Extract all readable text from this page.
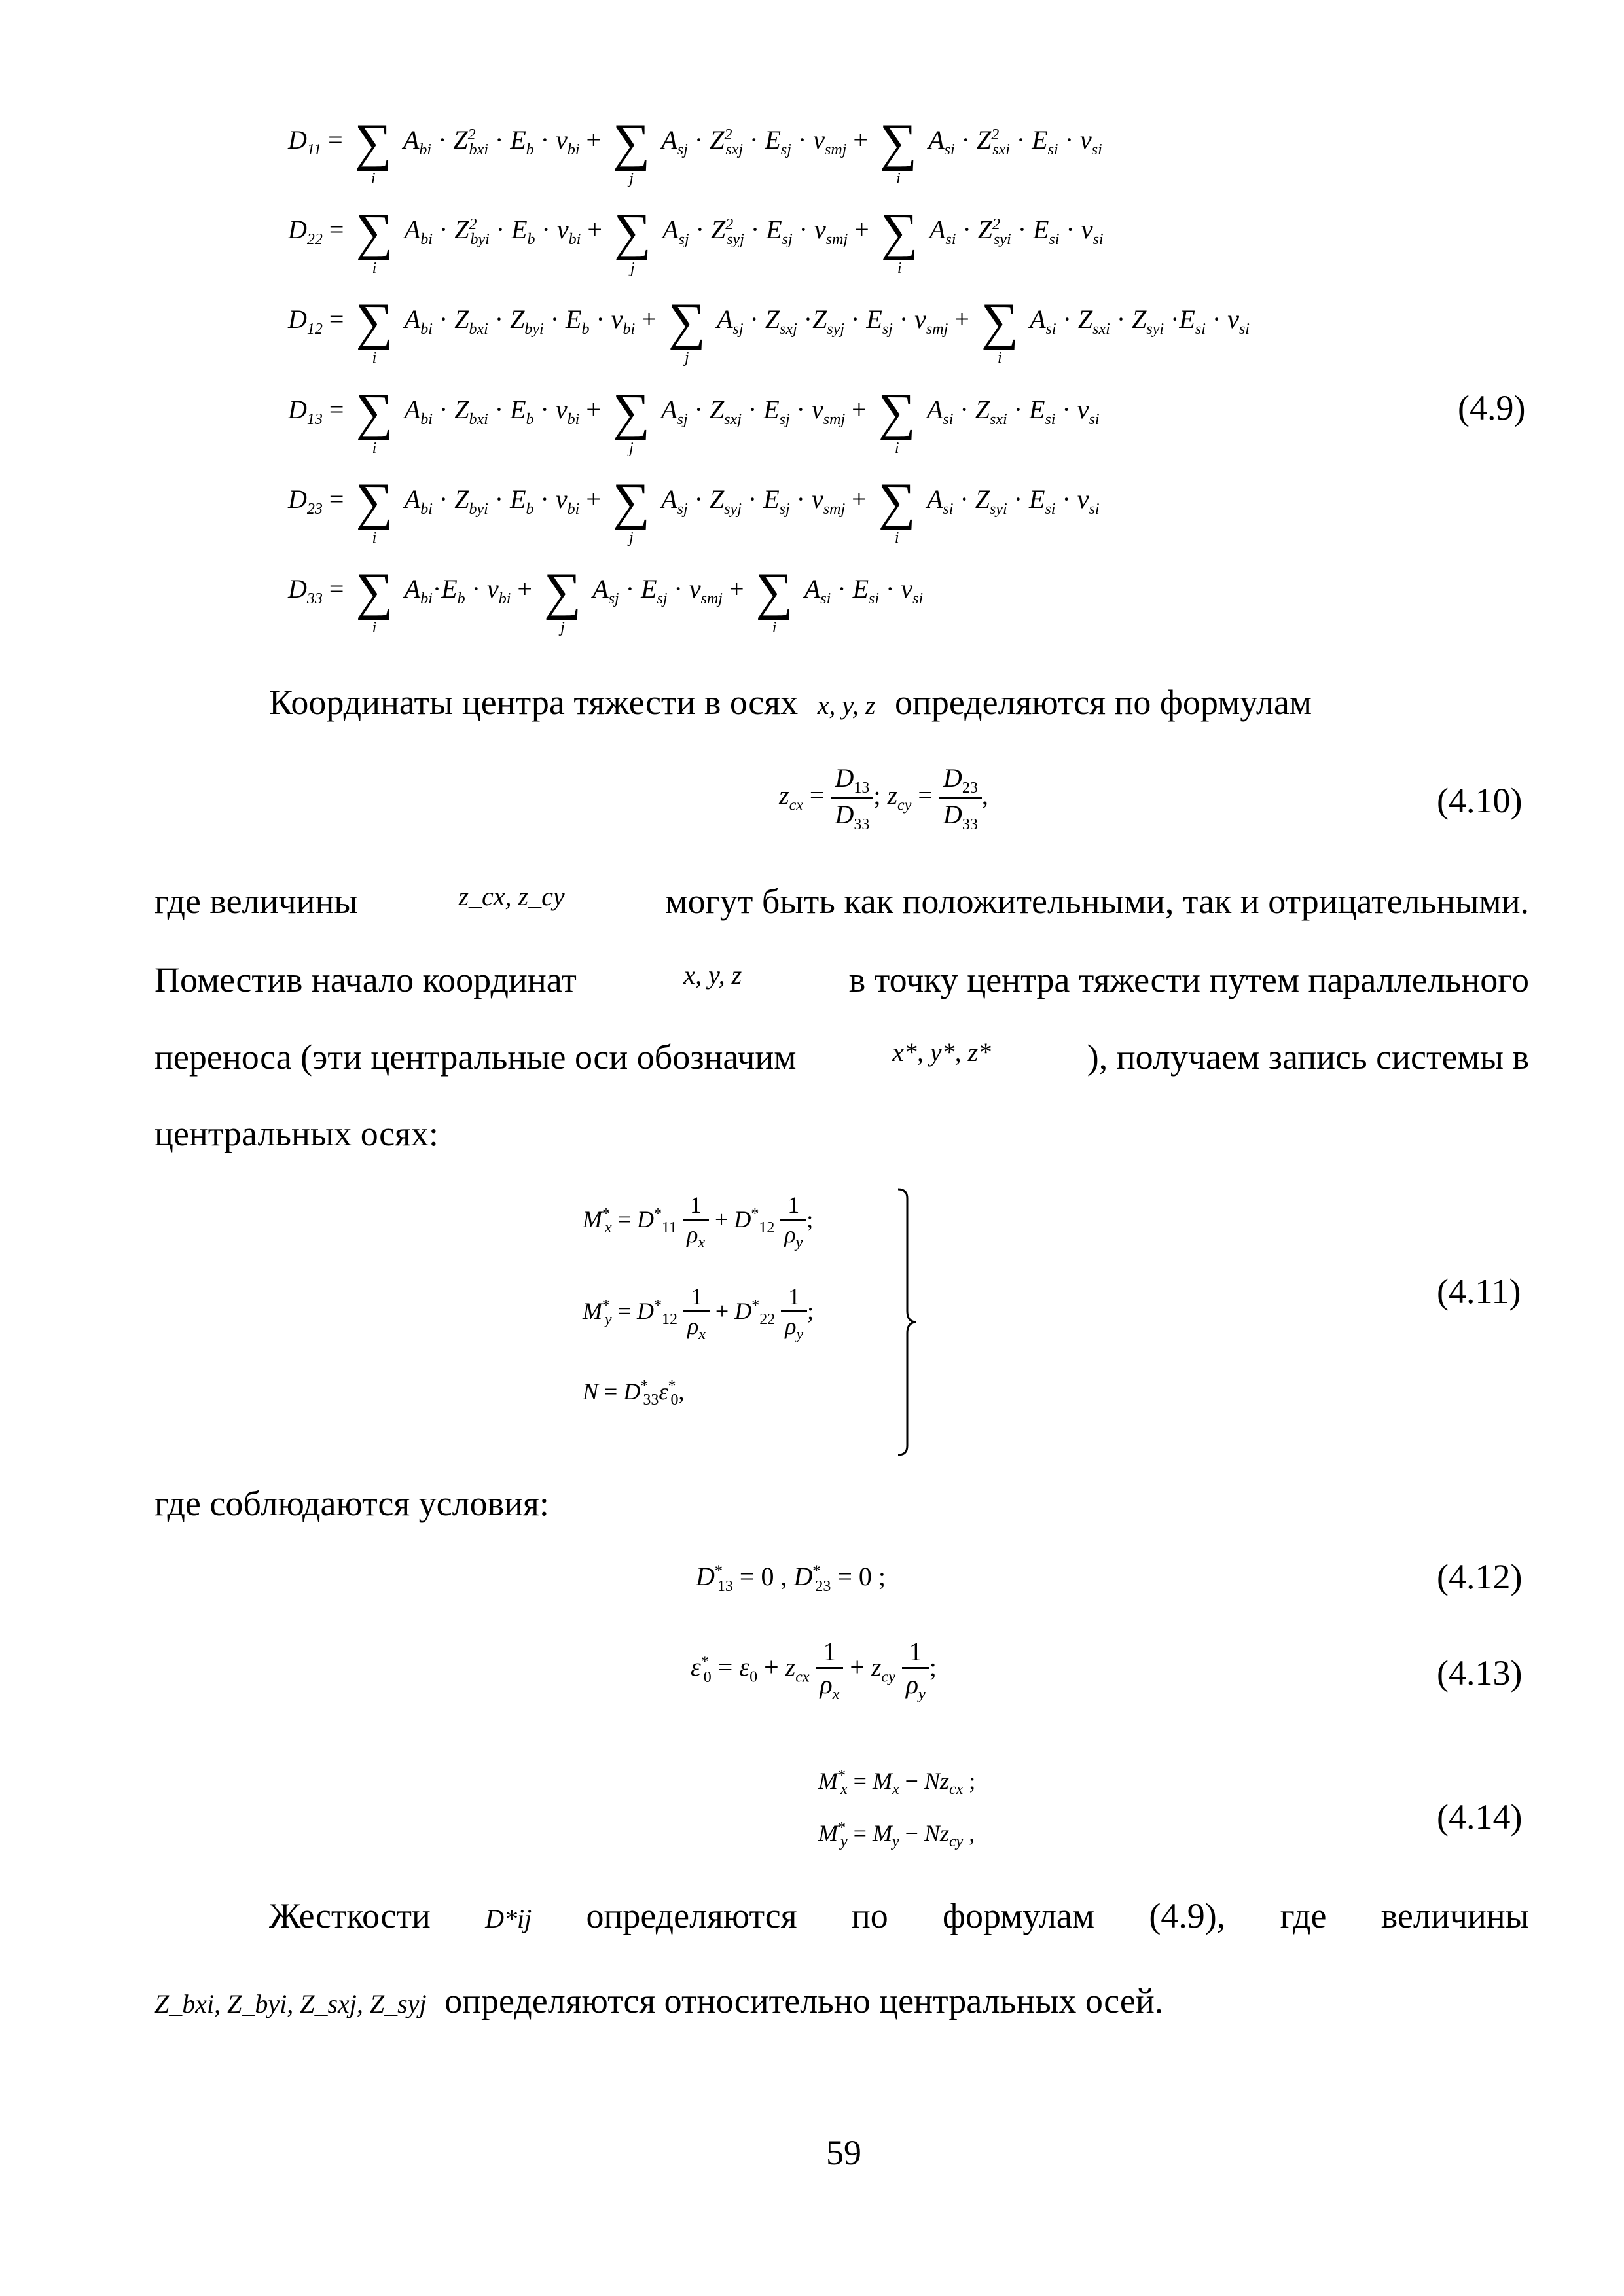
$D_{11}$ = ∑
i
$A_{bi} \cdot Z^2_{bxi} \cdot E_b \cdot \nu_{bi}$ + ∑
j
$A_{sj} \cdot Z^2_{sxj} \cdot E_{sj} \cdot \nu_{smj}$ + ∑
i
$A_{si} \cdot Z^2_{sxi} \cdot E_{si} \cdot \nu_{si}$
$D_{22}$ = ∑
i
$A_{bi} \cdot Z^2_{byi} \cdot E_b \cdot \nu_{bi}$ + ∑
j
$A_{sj} \cdot Z^2_{syj} \cdot E_{sj} \cdot \nu_{smj}$ + ∑
i
$A_{si} \cdot Z^2_{syi} \cdot E_{si} \cdot \nu_{si}$
$D_{12}$ = ∑
i
$A_{bi} \cdot Z_{bxi} \cdot Z_{byi} \cdot E_b \cdot \nu_{bi}$ + ∑
j
$A_{sj} \cdot Z_{sxj} \cdot Z_{syj} \cdot E_{sj} \cdot \nu_{smj}$ + ∑
i
$A_{si} \cdot Z_{sxi} \cdot Z_{syi} \cdot E_{si} \cdot \nu_{si}$
$D_{13}$ = ∑
i
$A_{bi} \cdot Z_{bxi} \cdot E_b \cdot \nu_{bi}$ + ∑
j
$A_{sj} \cdot Z_{sxj} \cdot E_{sj} \cdot \nu_{smj}$ + ∑
i
$A_{si} \cdot Z_{sxi} \cdot E_{si} \cdot \nu_{si}$
$D_{23}$ = ∑
i
$A_{bi} \cdot Z_{byi} \cdot E_b \cdot \nu_{bi}$ + ∑
j
$A_{sj} \cdot Z_{syj} \cdot E_{sj} \cdot \nu_{smj}$ + ∑
i
$A_{si} \cdot Z_{syi} \cdot E_{si} \cdot \nu_{si}$
$D_{33}$ = ∑
i
$A_{bi}\cdot E_b \cdot \nu_{bi}$ + ∑
j
$A_{sj} \cdot E_{sj} \cdot \nu_{smj}$ + ∑
i
$A_{si} \cdot E_{si} \cdot \nu_{si}$
(4.9)
Координаты центра тяжести в осях x, y, z определяются по формулам
$z_{cx} = \frac{D_{13}}{D_{33}}$ ; $z_{cy} = \frac{D_{23}}{D_{33}}$ ,	(4.10)
где величины	z_cx, z_cy	могут быть как положительными, так и отрицательными.
Поместив начало координат	x, y, z	в точку центра тяжести путем параллельного
переноса (эти центральные оси обозначим	x*, y*, z*	), получаем запись системы в
центральных осях:
$M^*_x = D^*_{11} \frac{1}{\rho_x} + D^*_{12} \frac{1}{\rho_y}$ ;
$M^*_y = D^*_{12} \frac{1}{\rho_x} + D^*_{22} \frac{1}{\rho_y}$ ;
$N = D^*_{33}\varepsilon^*_0$,
(4.11)
где соблюдаются условия:
$D^*_{13} = 0$ , $D^*_{23} = 0$ ;	(4.12)
$\varepsilon^*_0 = \varepsilon_0 + z_{cx} \frac{1}{\rho_x} + z_{cy} \frac{1}{\rho_y}$ ;	(4.13)
$M^*_x = M_x - Nz_{cx}$ ;
$M^*_y = M_y - Nz_{cy}$ ,	(4.14)
Жесткости D*ij определяются по формулам (4.9), где величины
Z_bxi, Z_byi, Z_sxj, Z_syj определяются относительно центральных осей.
59
